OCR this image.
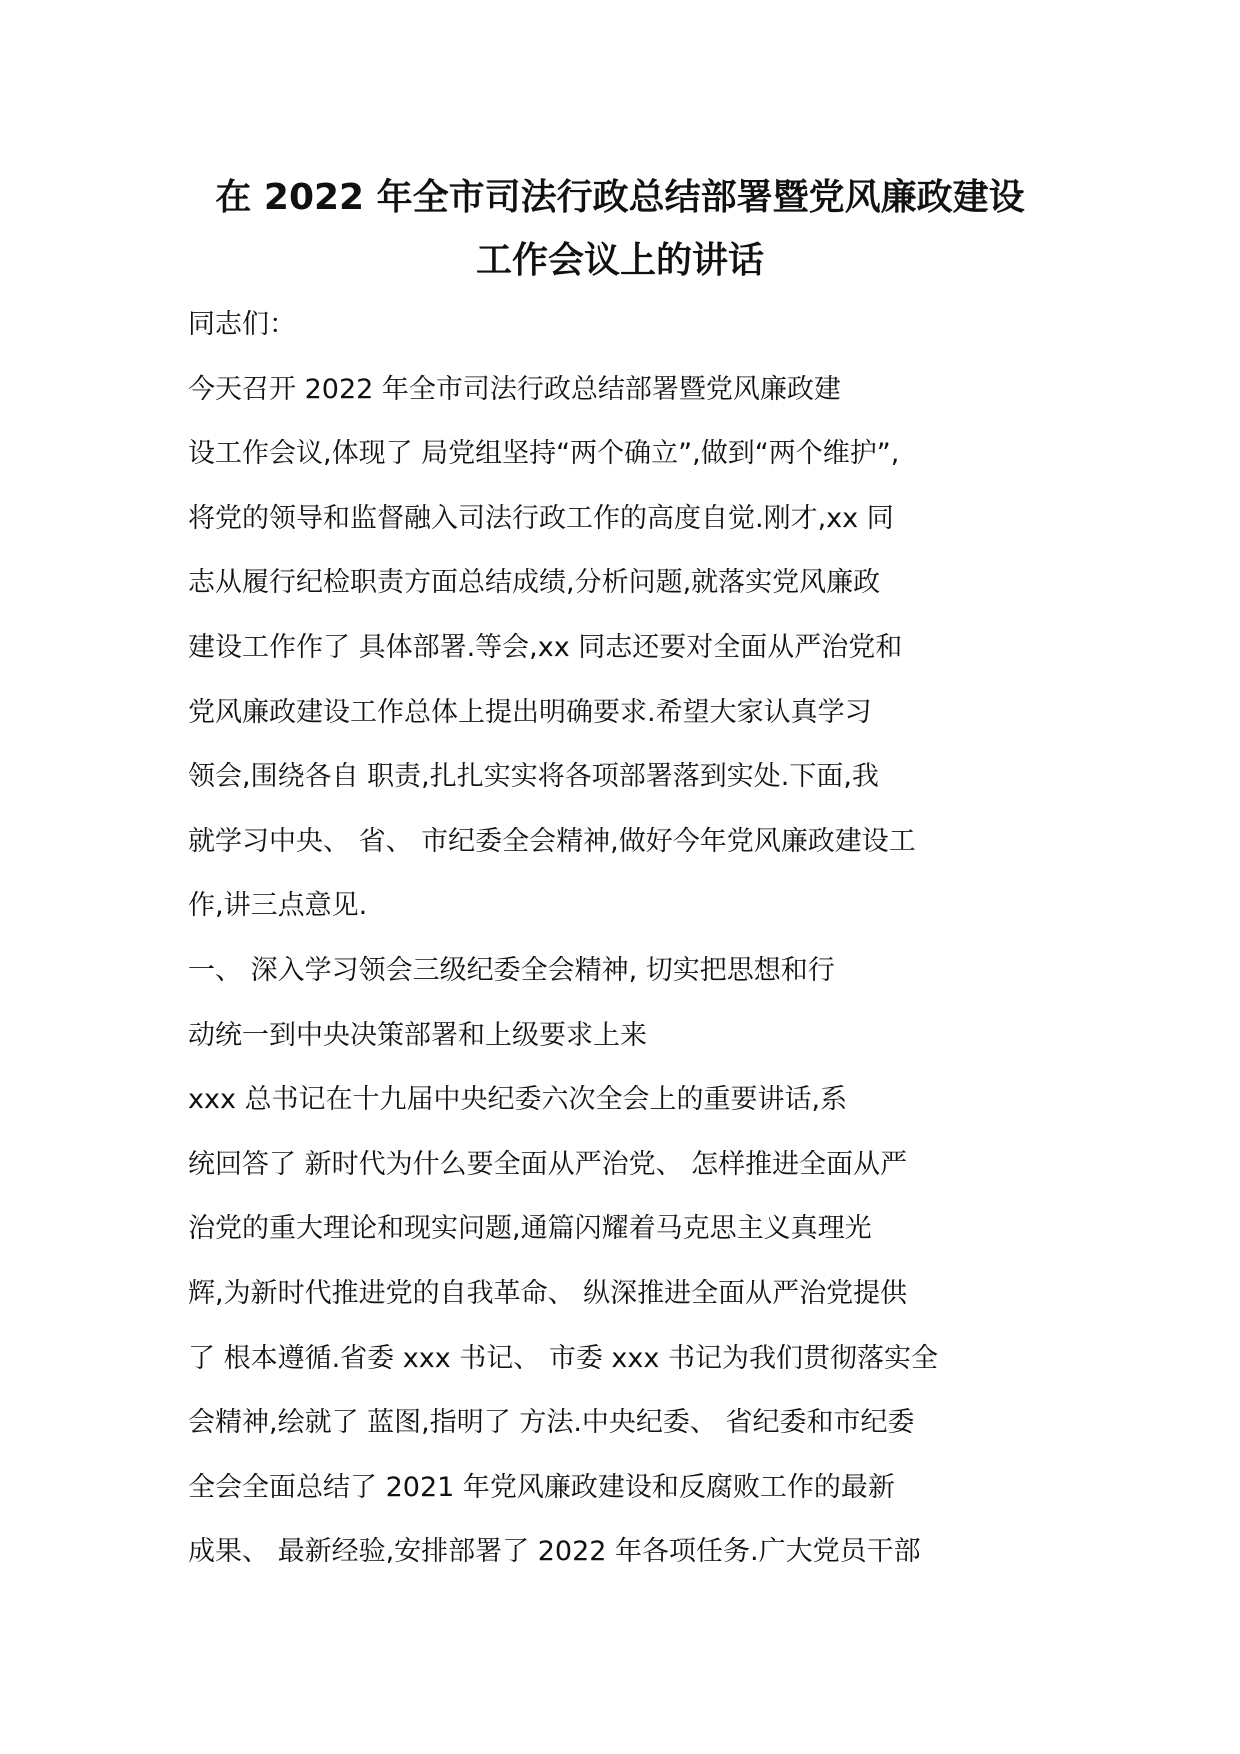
在 2022 年全市司法行政总结部署暨党风廉政建设
工作会议上的讲话
同志们：
今天召开 2022 年全市司法行政总结部署暨党风廉政建
设工作会议,体现了 局党组坚持“两个确立”,做到“两个维护”,
将党的领导和监督融入司法行政工作的高度自觉.刚才,xx 同
志从履行纪检职责方面总结成绩,分析问题,就落实党风廉政
建设工作作了 具体部署.等会,xx 同志还要对全面从严治党和
党风廉政建设工作总体上提出明确要求.希望大家认真学习
领会,围绕各自 职责,扎扎实实将各项部署落到实处.下面,我
就学习中央、 省、 市纪委全会精神,做好今年党风廉政建设工
作,讲三点意见.
一、 深入学习领会三级纪委全会精神, 切实把思想和行
动统一到中央决策部署和上级要求上来
xxx 总书记在十九届中央纪委六次全会上的重要讲话,系
统回答了 新时代为什么要全面从严治党、 怎样推进全面从严
治党的重大理论和现实问题,通篇闪耀着马克思主义真理光
辉,为新时代推进党的自我革命、 纵深推进全面从严治党提供
了 根本遵循.省委 xxx 书记、 市委 xxx 书记为我们贯彻落实全
会精神,绘就了 蓝图,指明了 方法.中央纪委、 省纪委和市纪委
全会全面总结了 2021 年党风廉政建设和反腐败工作的最新
成果、 最新经验,安排部署了 2022 年各项任务.广大党员干部
